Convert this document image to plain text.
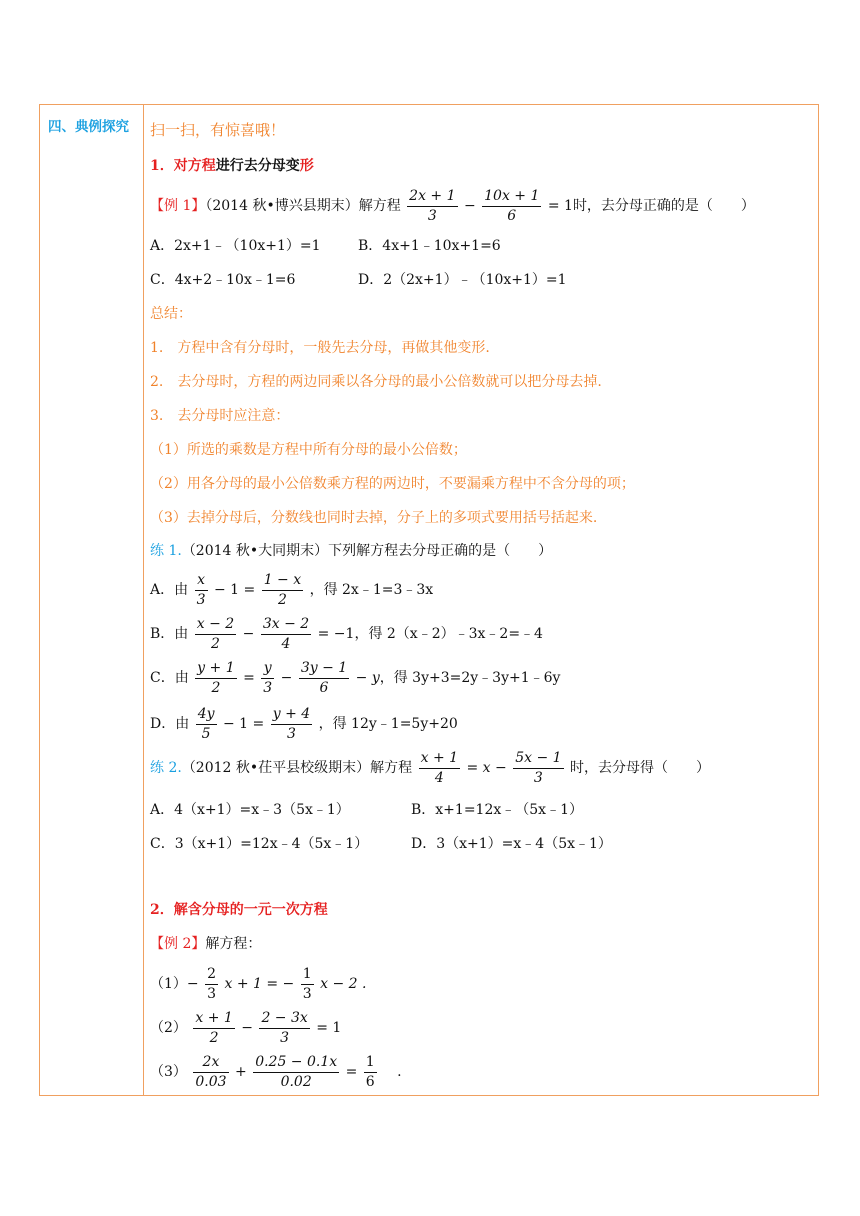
四、典例探究 扫一扫，有惊喜哦！
1．对方程进行去分母变形
【例 1】（2014 秋•博兴县期末）解方程 $\frac{2x + 1}{3} - \frac{10x + 1}{6} = 1$时，去分母正确的是（　　）
A．2x+1﹣（10x+1）=1	B．4x+1﹣10x+1=6
C．4x+2﹣10x﹣1=6	D．2（2x+1）﹣（10x+1）=1
总结：
1.　方程中含有分母时，一般先去分母，再做其他变形.
2.　去分母时，方程的两边同乘以各分母的最小公倍数就可以把分母去掉.
3.　去分母时应注意：
（1）所选的乘数是方程中所有分母的最小公倍数；
（2）用各分母的最小公倍数乘方程的两边时，不要漏乘方程中不含分母的项；
（3）去掉分母后，分数线也同时去掉，分子上的多项式要用括号括起来.
练 1.（2014 秋•大同期末）下列解方程去分母正确的是（　　）
A．由 $\frac{x}{3} - 1 = \frac{1 - x}{2}$ ，得 2x﹣1=3﹣3x
B．由 $\frac{x - 2}{2} - \frac{3x - 2}{4} = -1$，得 2（x﹣2）﹣3x﹣2=﹣4
C．由 $\frac{y + 1}{2} = \frac{y}{3} - \frac{3y - 1}{6} - y$，得 3y+3=2y﹣3y+1﹣6y
D．由 $\frac{4y}{5} - 1 = \frac{y + 4}{3}$ ，得 12y﹣1=5y+20
练 2.（2012 秋•茌平县校级期末）解方程 $\frac{x + 1}{4} = x - \frac{5x - 1}{3}$ 时，去分母得（　　）
A．4（x+1）=x﹣3（5x﹣1）	B．x+1=12x﹣（5x﹣1）
C．3（x+1）=12x﹣4（5x﹣1）	D．3（x+1）=x﹣4（5x﹣1）
2．解含分母的一元一次方程
【例 2】解方程：
$(1)- \frac{2}{3}$ x + 1 = − $\frac{1}{3}$ x − 2 .
$(2) \frac{x + 1}{2} - \frac{2 - 3x}{3} = 1$
$(3) \frac{2x}{0.03} + \frac{0.25 - 0.1x}{0.02} = \frac{1}{6}$ 　.
